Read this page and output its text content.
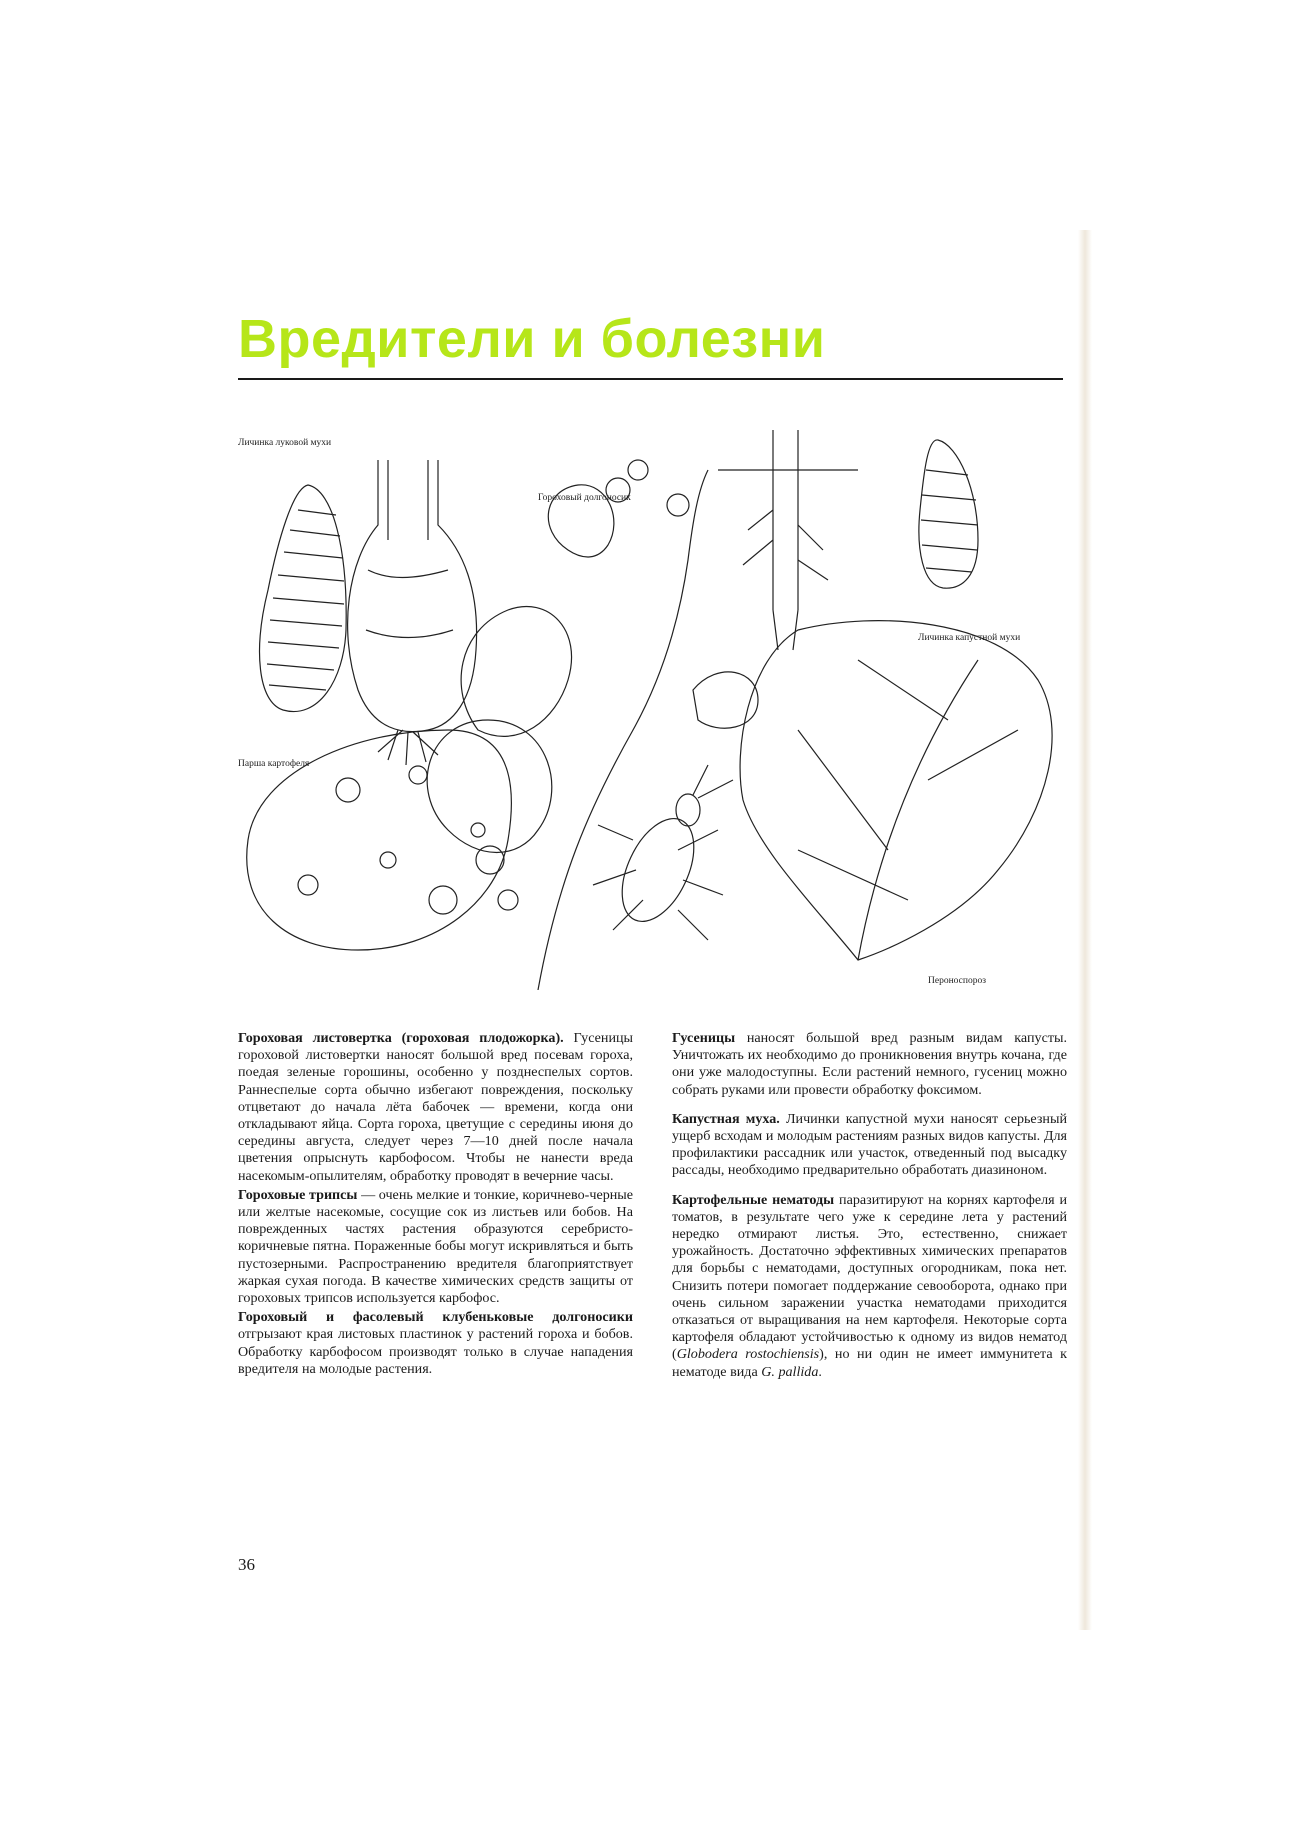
Вредители и болезни
Личинка луковой мухи
Гороховый долгоносик
Личинка капустной мухи
Парша картофеля
Пероноспороз

Гороховая листовертка (гороховая плодожорка). Гусеницы гороховой листовертки наносят большой вред посевам гороха, поедая зеленые горошины, особенно у позднеспелых сортов. Раннеспелые сорта обычно избегают повреждения, поскольку отцветают до начала лёта бабочек — времени, когда они откладывают яйца. Сорта гороха, цветущие с середины июня до середины августа, следует через 7—10 дней после начала цветения опрыснуть карбофосом. Чтобы не нанести вреда насекомым-опылителям, обработку проводят в вечерние часы.

Гороховые трипсы — очень мелкие и тонкие, коричнево-черные или желтые насекомые, сосущие сок из листьев или бобов. На поврежденных частях растения образуются серебристо-коричневые пятна. Пораженные бобы могут искривляться и быть пустозерными. Распространению вредителя благоприятствует жаркая сухая погода. В качестве химических средств защиты от гороховых трипсов используется карбофос.

Гороховый и фасолевый клубеньковые долгоносики отгрызают края листовых пластинок у растений гороха и бобов. Обработку карбофосом производят только в случае нападения вредителя на молодые растения.

Гусеницы наносят большой вред разным видам капусты. Уничтожать их необходимо до проникновения внутрь кочана, где они уже малодоступны. Если растений немного, гусениц можно собрать руками или провести обработку фоксимом.

Капустная муха. Личинки капустной мухи наносят серьезный ущерб всходам и молодым растениям разных видов капусты. Для профилактики рассадник или участок, отведенный под высадку рассады, необходимо предварительно обработать диазиноном.

Картофельные нематоды паразитируют на корнях картофеля и томатов, в результате чего уже к середине лета у растений нередко отмирают листья. Это, естественно, снижает урожайность. Достаточно эффективных химических препаратов для борьбы с нематодами, доступных огородникам, пока нет. Снизить потери помогает поддержание севооборота, однако при очень сильном заражении участка нематодами приходится отказаться от выращивания на нем картофеля. Некоторые сорта картофеля обладают устойчивостью к одному из видов нематод (Globodera rostochiensis), но ни один не имеет иммунитета к нематоде вида G. pallida.

36
